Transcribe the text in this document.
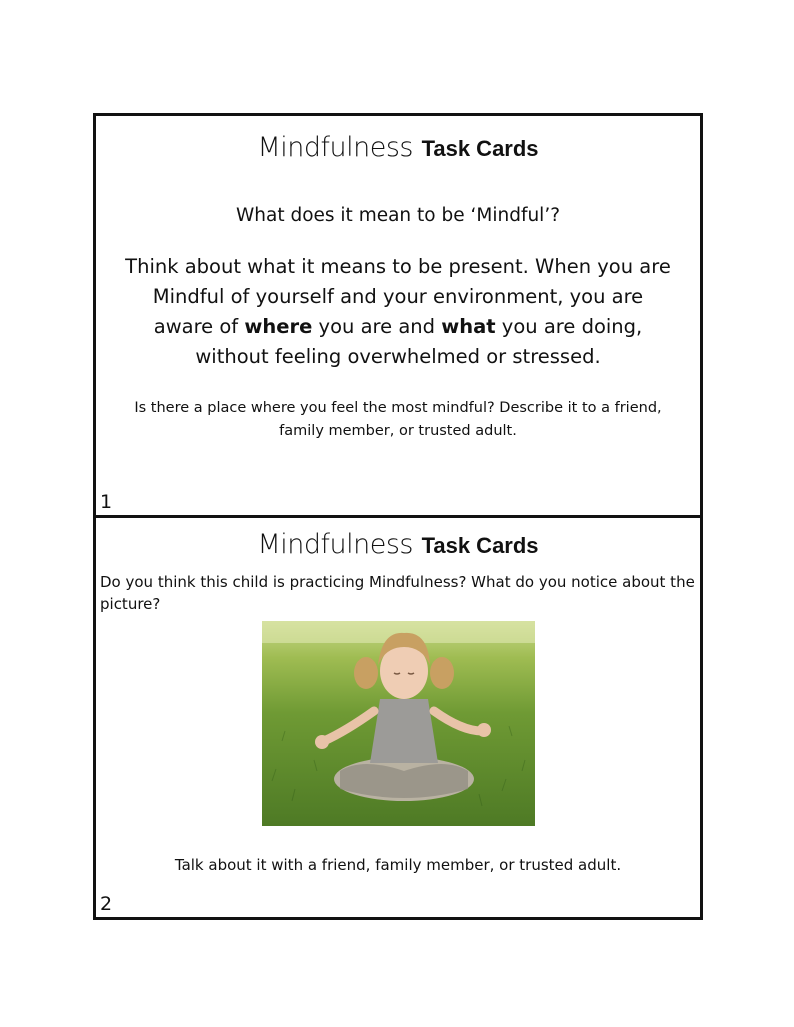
Mindfulness Task Cards
What does it mean to be ‘Mindful’?
Think about what it means to be present. When you are
Mindful of yourself and your environment, you are
aware of where you are and what you are doing,
without feeling overwhelmed or stressed.
Is there a place where you feel the most mindful? Describe it to a friend, family member, or trusted adult.
1
Mindfulness Task Cards
Do you think this child is practicing Mindfulness? What do you notice about the picture?
Talk about it with a friend, family member, or trusted adult.
2
